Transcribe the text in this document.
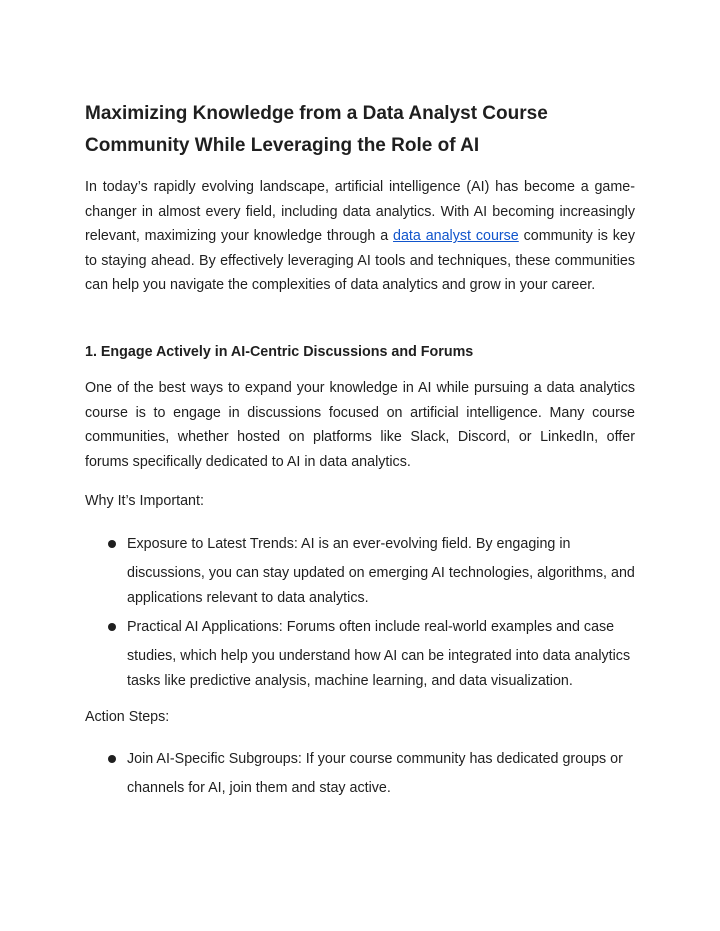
Maximizing Knowledge from a Data Analyst Course
Community While Leveraging the Role of AI

In today’s rapidly evolving landscape, artificial intelligence (AI) has become a game-changer in almost every field, including data analytics. With AI becoming increasingly relevant, maximizing your knowledge through a data analyst course community is key to staying ahead. By effectively leveraging AI tools and techniques, these communities can help you navigate the complexities of data analytics and grow in your career.

1. Engage Actively in AI-Centric Discussions and Forums

One of the best ways to expand your knowledge in AI while pursuing a data analytics course is to engage in discussions focused on artificial intelligence. Many course communities, whether hosted on platforms like Slack, Discord, or LinkedIn, offer forums specifically dedicated to AI in data analytics.

Why It’s Important:

Exposure to Latest Trends: AI is an ever-evolving field. By engaging in
discussions, you can stay updated on emerging AI technologies, algorithms, and applications relevant to data analytics.
Practical AI Applications: Forums often include real-world examples and case
studies, which help you understand how AI can be integrated into data analytics tasks like predictive analysis, machine learning, and data visualization.

Action Steps:

Join AI-Specific Subgroups: If your course community has dedicated groups or
channels for AI, join them and stay active.
